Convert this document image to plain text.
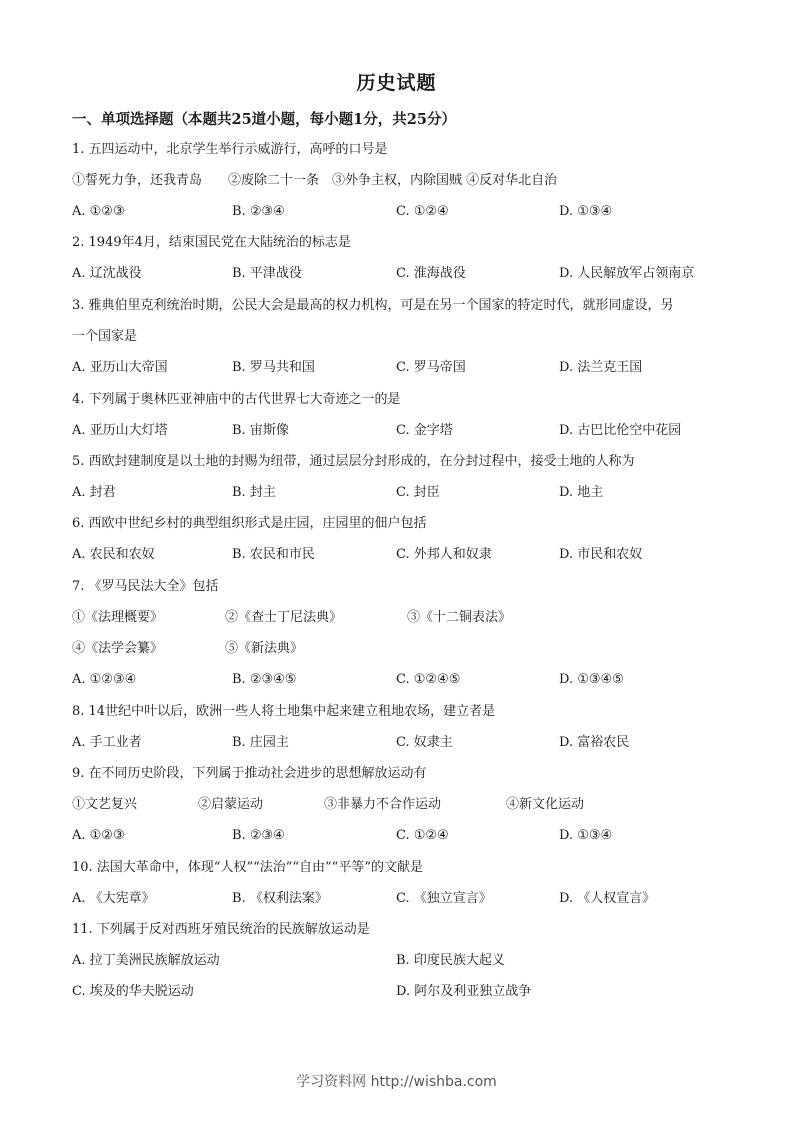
历史试题
一、单项选择题（本题共25道小题，每小题1分，共25分）
1. 五四运动中，北京学生举行示威游行，高呼的口号是
①誓死力争，还我青岛　　②废除二十一条　③外争主权，内除国贼 ④反对华北自治
A. ①②③	B. ②③④	C. ①②④	D. ①③④
2. 1949年4月，结束国民党在大陆统治的标志是
A. 辽沈战役	B. 平津战役	C. 淮海战役	D. 人民解放军占领南京
3. 雅典伯里克利统治时期，公民大会是最高的权力机构，可是在另一个国家的特定时代，就形同虚设，另
一个国家是
A. 亚历山大帝国	B. 罗马共和国	C. 罗马帝国	D. 法兰克王国
4. 下列属于奥林匹亚神庙中的古代世界七大奇迹之一的是
A. 亚历山大灯塔	B. 宙斯像	C. 金字塔	D. 古巴比伦空中花园
5. 西欧封建制度是以土地的封赐为纽带，通过层层分封形成的，在分封过程中，接受土地的人称为
A. 封君	B. 封主	C. 封臣	D. 地主
6. 西欧中世纪乡村的典型组织形式是庄园，庄园里的佃户包括
A. 农民和农奴	B. 农民和市民	C. 外邦人和奴隶	D. 市民和农奴
7. 《罗马民法大全》包括
①《法理概要》	②《查士丁尼法典》	③《十二铜表法》
④《法学会纂》	⑤《新法典》
A. ①②③④	B. ②③④⑤	C. ①②④⑤	D. ①③④⑤
8. 14世纪中叶以后，欧洲一些人将土地集中起来建立租地农场，建立者是
A. 手工业者	B. 庄园主	C. 奴隶主	D. 富裕农民
9. 在不同历史阶段，下列属于推动社会进步的思想解放运动有
①文艺复兴	②启蒙运动	③非暴力不合作运动	④新文化运动
A. ①②③	B. ②③④	C. ①②④	D. ①③④
10. 法国大革命中，体现“人权”“法治”“自由”“平等”的文献是
A. 《大宪章》	B. 《权利法案》	C. 《独立宣言》	D. 《人权宣言》
11. 下列属于反对西班牙殖民统治的民族解放运动是
A. 拉丁美洲民族解放运动	B. 印度民族大起义
C. 埃及的华夫脱运动	D. 阿尔及利亚独立战争
学习资料网 http://wishba.com
